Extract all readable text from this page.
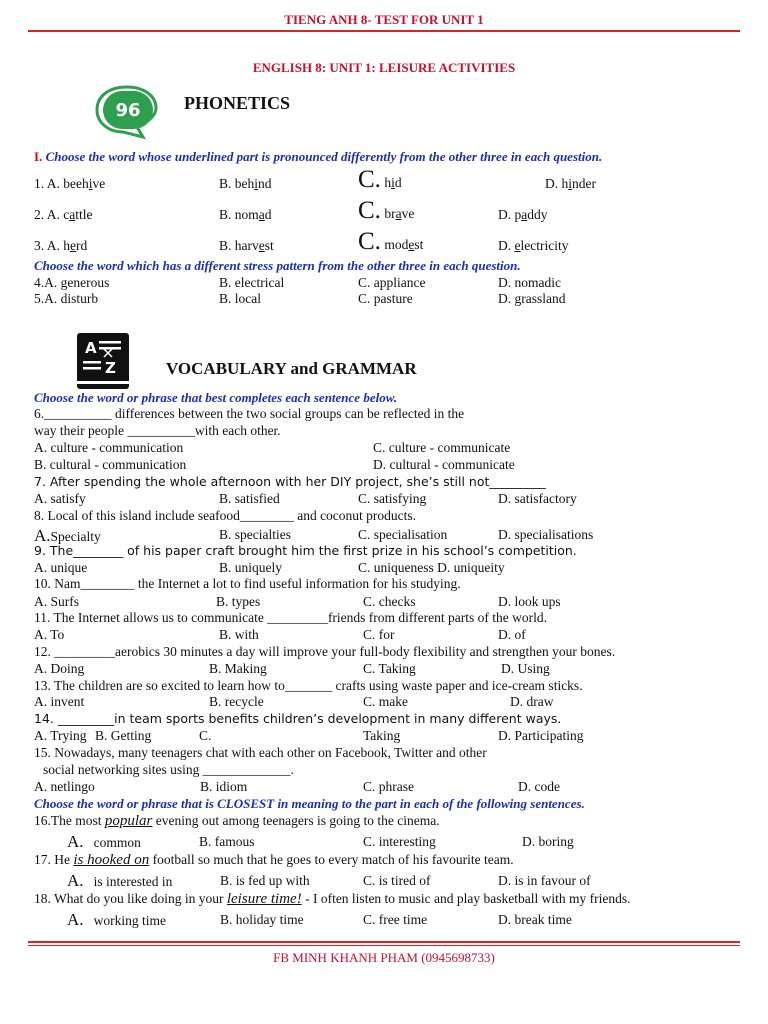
TIENG ANH 8- TEST FOR UNIT 1
ENGLISH 8: UNIT 1: LEISURE ACTIVITIES
96 PHONETICS
I. Choose the word whose underlined part is pronounced differently from the other three in each question.
1. A. beehive	B. behind	C. hid	D. hinder
2. A. cattle	B. nomad	C. brave	D. paddy
3. A. herd	B. harvest	C. modest	D. electricity
Choose the word which has a different stress pattern from the other three in each question.
4.A. generous	B. electrical	C. appliance	D. nomadic
5.A. disturb	B. local	C. pasture	D. grassland
A
Z	VOCABULARY and GRAMMAR
Choose the word or phrase that best completes each sentence below.
6.__________ differences between the two social groups can be reflected in the
way their people __________with each other.
A. culture - communication	C. culture - communicate
B. cultural - communication	D. cultural - communicate
7. After spending the whole afternoon with her DIY project, she’s still not_________
A. satisfy	B. satisfied	C. satisfying	D. satisfactory
8. Local of this island include seafood________ and coconut products.
A.Specialty	B. specialties	C. specialisation	D. specialisations
9. The________ of his paper craft brought him the first prize in his school’s competition.
A. unique	B. uniquely	C. uniqueness D. uniqueity
10. Nam________ the Internet a lot to find useful information for his studying.
A. Surfs	B. types	C. checks	D. look ups
11. The Internet allows us to communicate _________friends from different parts of the world.
A. To	B. with	C. for	D. of
12. _________aerobics 30 minutes a day will improve your full-body flexibility and strengthen your bones.
A. Doing	B. Making	C. Taking	D. Using
13. The children are so excited to learn how to_______ crafts using waste paper and ice-cream sticks.
A. invent	B. recycle	C. make	D. draw
14. _________in team sports benefits children’s development in many different ways.
A. Trying B. Getting	C.	Taking	D. Participating
15. Nowadays, many teenagers chat with each other on Facebook, Twitter and other
social networking sites using _____________.
A. netlingo	B. idiom	C. phrase	D. code
Choose the word or phrase that is CLOSEST in meaning to the part in each of the following sentences.
16.The most popular evening out among teenagers is going to the cinema.
A. common	B. famous	C. interesting	D. boring
17. He is hooked on football so much that he goes to every match of his favourite team.
A. is interested in	B. is fed up with	C. is tired of	D. is in favour of
18. What do you like doing in your leisure time! - I often listen to music and play basketball with my friends.
A. working time	B. holiday time	C. free time	D. break time
FB MINH KHANH PHAM (0945698733)
